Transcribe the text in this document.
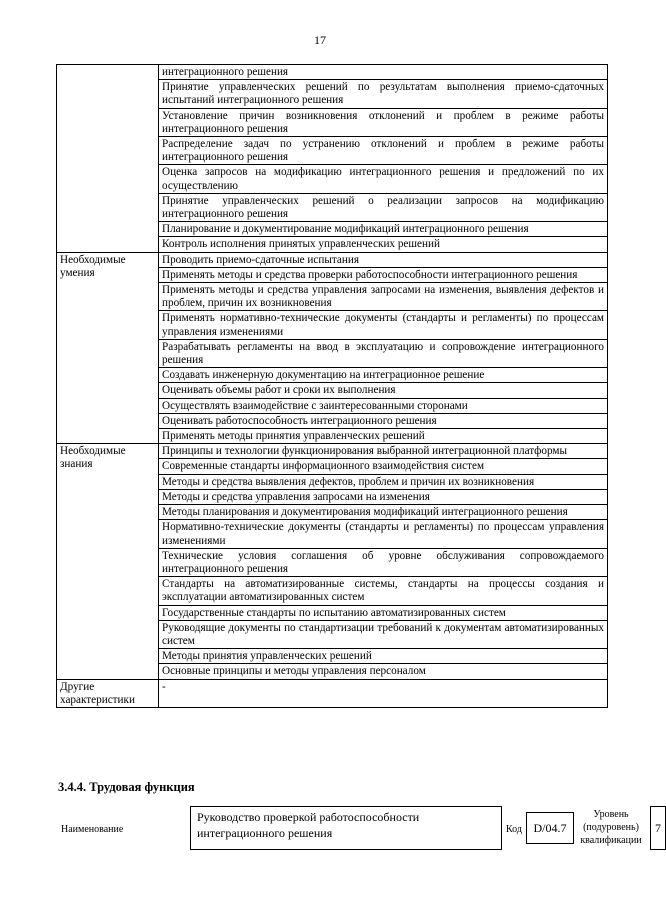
17
	интеграционного решения
	Принятие управленческих решений по результатам выполнения приемо-сдаточных испытаний интеграционного решения
	Установление причин возникновения отклонений и проблем в режиме работы интеграционного решения
	Распределение задач по устранению отклонений и проблем в режиме работы интеграционного решения
	Оценка запросов на модификацию интеграционного решения и предложений по их осуществлению
	Принятие управленческих решений о реализации запросов на модификацию интеграционного решения
	Планирование и документирование модификаций интеграционного решения
	Контроль исполнения принятых управленческих решений
Необходимые умения	Проводить приемо-сдаточные испытания
	Применять методы и средства проверки работоспособности интеграционного решения
	Применять методы и средства управления запросами на изменения, выявления дефектов и проблем, причин их возникновения
	Применять нормативно-технические документы (стандарты и регламенты) по процессам управления изменениями
	Разрабатывать регламенты на ввод в эксплуатацию и сопровождение интеграционного решения
	Создавать инженерную документацию на интеграционное решение
	Оценивать объемы работ и сроки их выполнения
	Осуществлять взаимодействие с заинтересованными сторонами
	Оценивать работоспособность интеграционного решения
	Применять методы принятия управленческих решений
Необходимые знания	Принципы и технологии функционирования выбранной интеграционной платформы
	Современные стандарты информационного взаимодействия систем
	Методы и средства выявления дефектов, проблем и причин их возникновения
	Методы и средства управления запросами на изменения
	Методы планирования и документирования модификаций интеграционного решения
	Нормативно-технические документы (стандарты и регламенты) по процессам управления изменениями
	Технические условия соглашения об уровне обслуживания сопровождаемого интеграционного решения
	Стандарты на автоматизированные системы, стандарты на процессы создания и эксплуатации автоматизированных систем
	Государственные стандарты по испытанию автоматизированных систем
	Руководящие документы по стандартизации требований к документам автоматизированных систем
	Методы принятия управленческих решений
	Основные принципы и методы управления персоналом
Другие характеристики	-
3.4.4. Трудовая функция
Наименование
Руководство проверкой работоспособности интеграционного решения	Код D/04.7
Уровень (подуровень) квалификации
7
